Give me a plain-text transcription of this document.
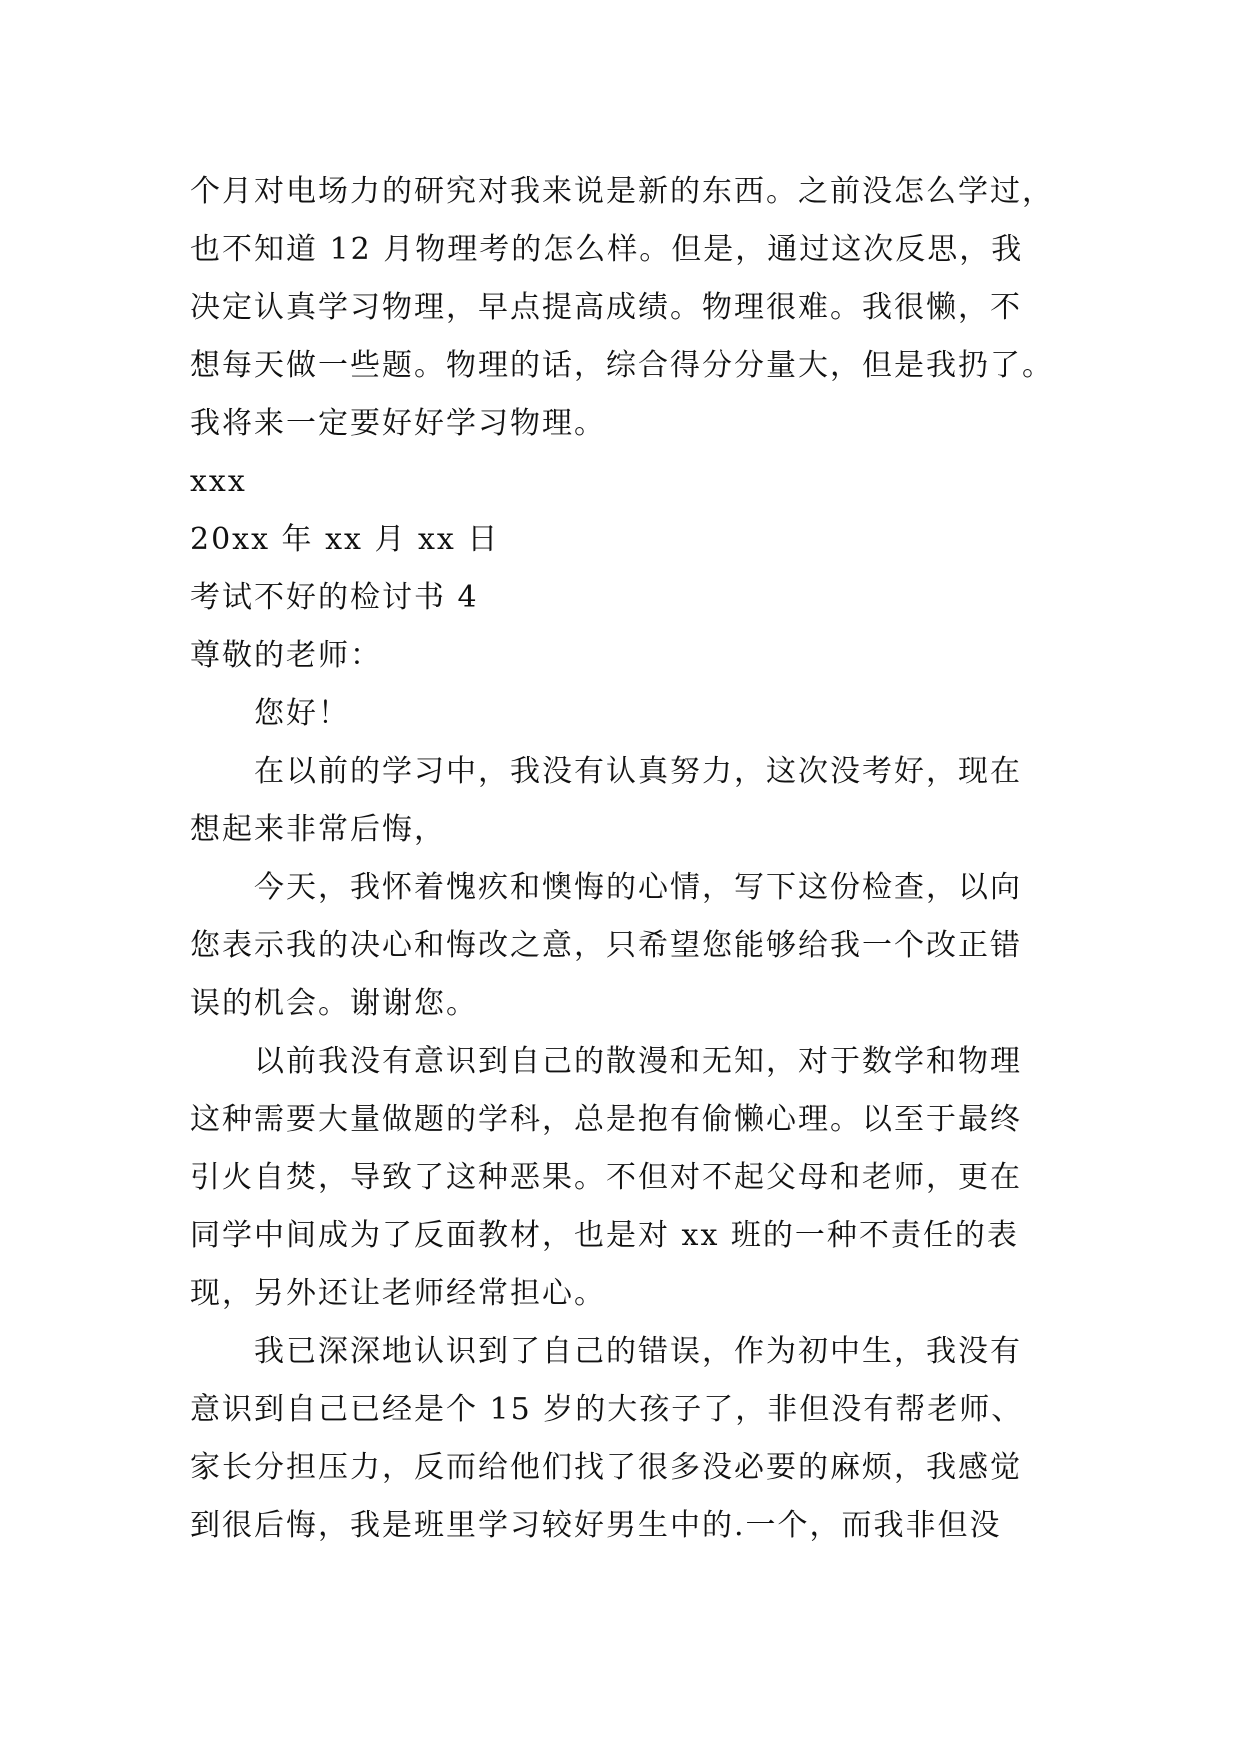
个月对电场力的研究对我来说是新的东西。之前没怎么学过，
也不知道 12 月物理考的怎么样。但是，通过这次反思，我
决定认真学习物理，早点提高成绩。物理很难。我很懒，不
想每天做一些题。物理的话，综合得分分量大，但是我扔了。
我将来一定要好好学习物理。
xxx
20xx 年 xx 月 xx 日
考试不好的检讨书 4
尊敬的老师：
您好！
在以前的学习中，我没有认真努力，这次没考好，现在
想起来非常后悔，
今天，我怀着愧疚和懊悔的心情，写下这份检查，以向
您表示我的决心和悔改之意，只希望您能够给我一个改正错
误的机会。谢谢您。
以前我没有意识到自己的散漫和无知，对于数学和物理
这种需要大量做题的学科，总是抱有偷懒心理。以至于最终
引火自焚，导致了这种恶果。不但对不起父母和老师，更在
同学中间成为了反面教材，也是对 xx 班的一种不责任的表
现，另外还让老师经常担心。
我已深深地认识到了自己的错误，作为初中生，我没有
意识到自己已经是个 15 岁的大孩子了，非但没有帮老师、
家长分担压力，反而给他们找了很多没必要的麻烦，我感觉
到很后悔，我是班里学习较好男生中的.一个，而我非但没
